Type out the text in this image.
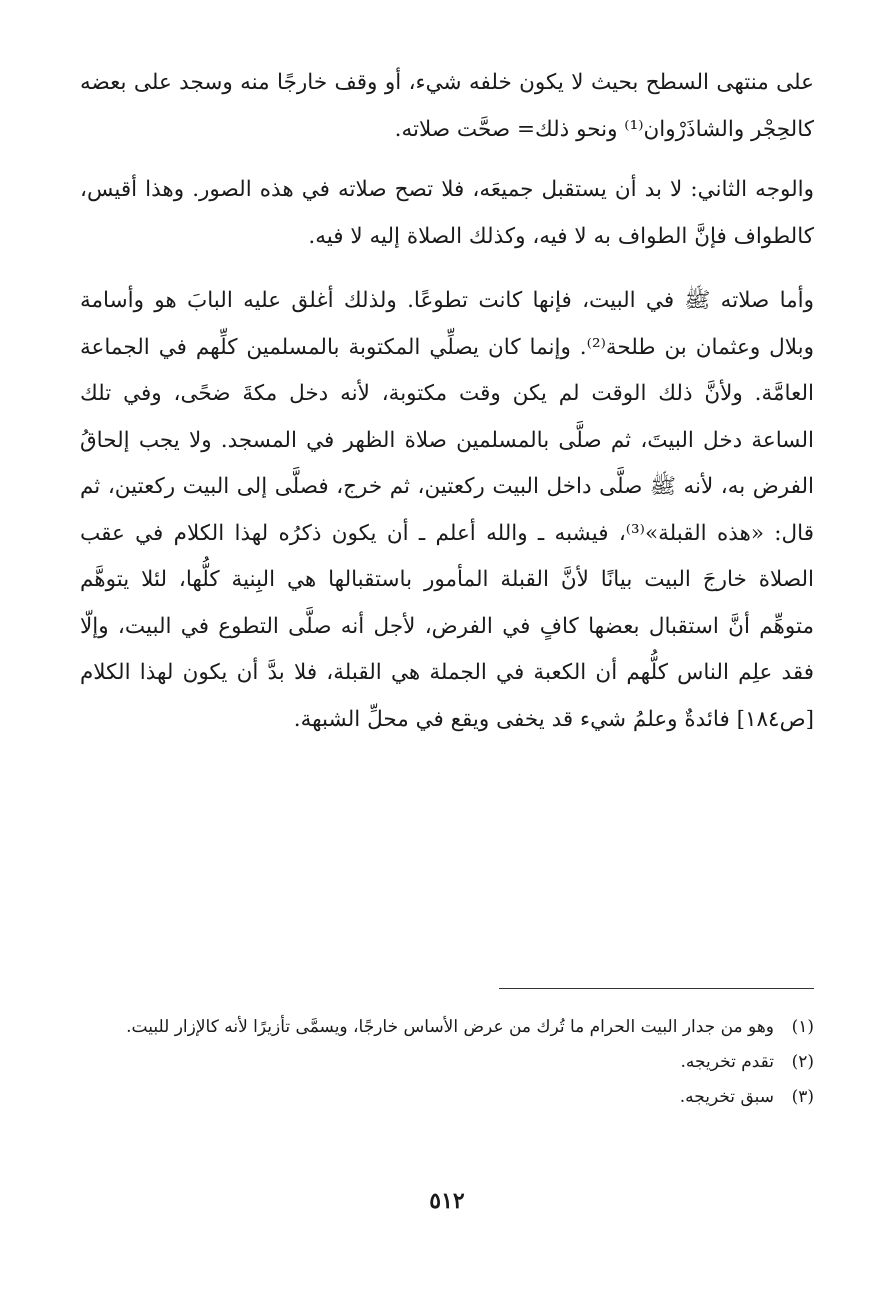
على منتهى السطح بحيث لا يكون خلفه شيء، أو وقف خارجًا منه وسجد على بعضه كالحِجْر والشاذَرْوان⁽¹⁾ ونحو ذلك= صحَّت صلاته.

والوجه الثاني: لا بد أن يستقبل جميعَه، فلا تصح صلاته في هذه الصور. وهذا أقيس، كالطواف فإنَّ الطواف به لا فيه، وكذلك الصلاة إليه لا فيه.

وأما صلاته ﷺ في البيت، فإنها كانت تطوعًا. ولذلك أغلق عليه البابَ هو وأسامة وبلال وعثمان بن طلحة⁽²⁾. وإنما كان يصلِّي المكتوبة بالمسلمين كلِّهم في الجماعة العامَّة. ولأنَّ ذلك الوقت لم يكن وقت مكتوبة، لأنه دخل مكةَ ضحًى، وفي تلك الساعة دخل البيتَ، ثم صلَّى بالمسلمين صلاة الظهر في المسجد. ولا يجب إلحاقُ الفرض به، لأنه ﷺ صلَّى داخل البيت ركعتين، ثم خرج، فصلَّى إلى البيت ركعتين، ثم قال: «هذه القبلة»⁽³⁾، فيشبه ـ والله أعلم ـ أن يكون ذكرُه لهذا الكلام في عقب الصلاة خارجَ البيت بيانًا لأنَّ القبلة المأمور باستقبالها هي البِنية كلُّها، لئلا يتوهَّم متوهِّم أنَّ استقبال بعضها كافٍ في الفرض، لأجل أنه صلَّى التطوع في البيت، وإلّا فقد علِم الناس كلُّهم أن الكعبة في الجملة هي القبلة، فلا بدَّ أن يكون لهذا الكلام [ص١٨٤] فائدةٌ وعلمُ شيء قد يخفى ويقع في محلِّ الشبهة.

(١)
وهو من جدار البيت الحرام ما تُرك من عرض الأساس خارجًا، ويسمَّى تأزيرًا لأنه كالإزار للبيت.
(٢)
تقدم تخريجه.
(٣)
سبق تخريجه.
٥١٢
